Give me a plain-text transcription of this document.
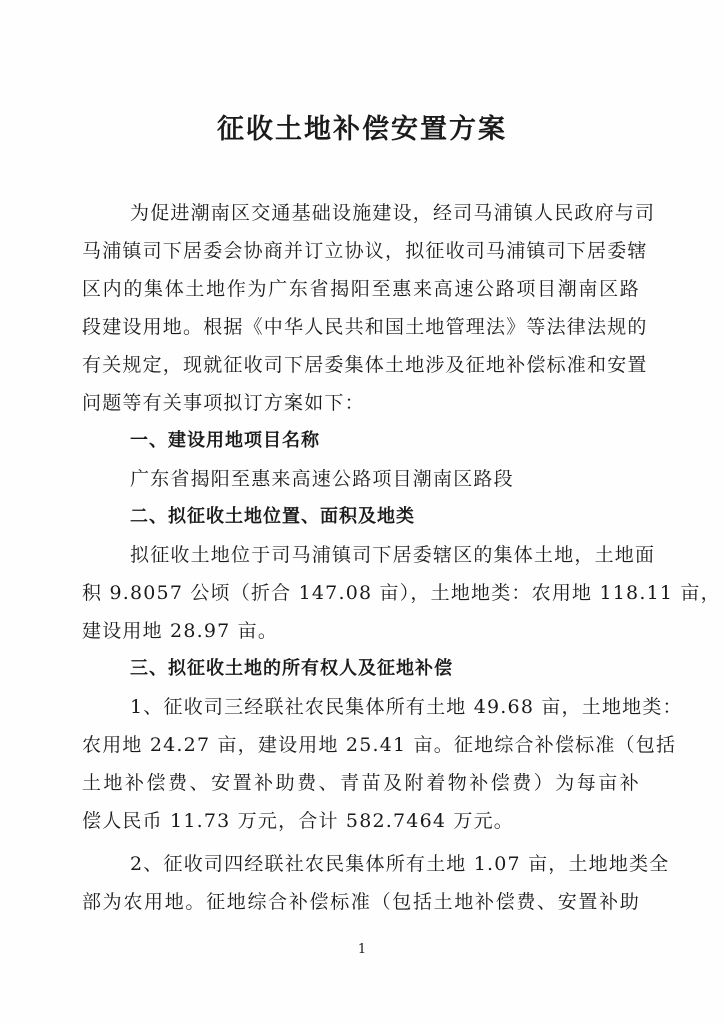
征收土地补偿安置方案
为促进潮南区交通基础设施建设，经司马浦镇人民政府与司
马浦镇司下居委会协商并订立协议，拟征收司马浦镇司下居委辖
区内的集体土地作为广东省揭阳至惠来高速公路项目潮南区路
段建设用地。根据《中华人民共和国土地管理法》等法律法规的
有关规定，现就征收司下居委集体土地涉及征地补偿标准和安置
问题等有关事项拟订方案如下：
一、建设用地项目名称
广东省揭阳至惠来高速公路项目潮南区路段
二、拟征收土地位置、面积及地类
拟征收土地位于司马浦镇司下居委辖区的集体土地，土地面
积 9.8057 公顷（折合 147.08 亩），土地地类：农用地 118.11 亩，
建设用地 28.97 亩。
三、拟征收土地的所有权人及征地补偿
1、征收司三经联社农民集体所有土地 49.68 亩，土地地类：
农用地 24.27 亩，建设用地 25.41 亩。征地综合补偿标准（包括
土地补偿费、安置补助费、青苗及附着物补偿费）为每亩补
偿人民币 11.73 万元，合计 582.7464 万元。
2、征收司四经联社农民集体所有土地 1.07 亩，土地地类全
部为农用地。征地综合补偿标准（包括土地补偿费、安置补助
1
